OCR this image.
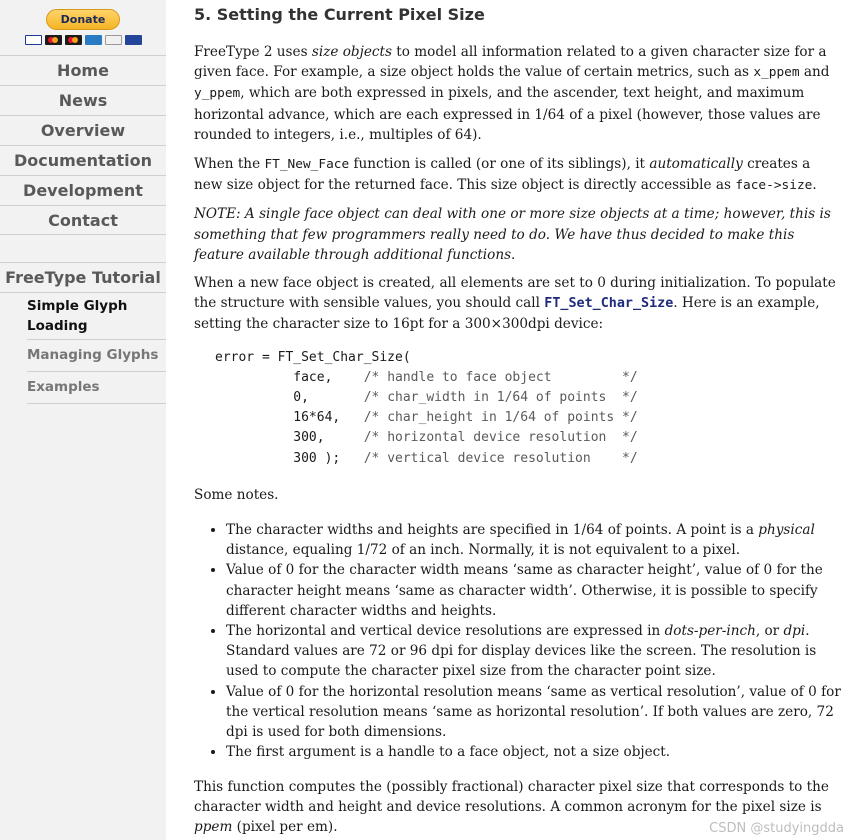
Donate
Home
News
Overview
Documentation
Development
Contact
FreeType Tutorial
Simple Glyph Loading
Managing Glyphs
Examples
5. Setting the Current Pixel Size

FreeType 2 uses size objects to model all information related to a given character size for a given face. For example, a size object holds the value of certain metrics, such as x_ppem and y_ppem, which are both expressed in pixels, and the ascender, text height, and maximum horizontal advance, which are each expressed in 1/64 of a pixel (however, those values are rounded to integers, i.e., multiples of 64).

When the FT_New_Face function is called (or one of its siblings), it automatically creates a new size object for the returned face. This size object is directly accessible as face->size.

NOTE: A single face object can deal with one or more size objects at a time; however, this is something that few programmers really need to do. We have thus decided to make this feature available through additional functions.

When a new face object is created, all elements are set to 0 during initialization. To populate the structure with sensible values, you should call FT_Set_Char_Size. Here is an example, setting the character size to 16pt for a 300×300dpi device:

error = FT_Set_Char_Size(
face,    /* handle to face object         */
0,       /* char_width in 1/64 of points  */
16*64,   /* char_height in 1/64 of points */
300,     /* horizontal device resolution  */
300 );   /* vertical device resolution    */

Some notes.

• The character widths and heights are specified in 1/64 of points. A point is a physical distance, equaling 1/72 of an inch. Normally, it is not equivalent to a pixel.
• Value of 0 for the character width means ‘same as character height’, value of 0 for the character height means ‘same as character width’. Otherwise, it is possible to specify different character widths and heights.
• The horizontal and vertical device resolutions are expressed in dots-per-inch, or dpi. Standard values are 72 or 96 dpi for display devices like the screen. The resolution is used to compute the character pixel size from the character point size.
• Value of 0 for the horizontal resolution means ‘same as vertical resolution’, value of 0 for the vertical resolution means ‘same as horizontal resolution’. If both values are zero, 72 dpi is used for both dimensions.
• The first argument is a handle to a face object, not a size object.

This function computes the (possibly fractional) character pixel size that corresponds to the character width and height and device resolutions. A common acronym for the pixel size is ppem (pixel per em).	CSDN @studyingdda
